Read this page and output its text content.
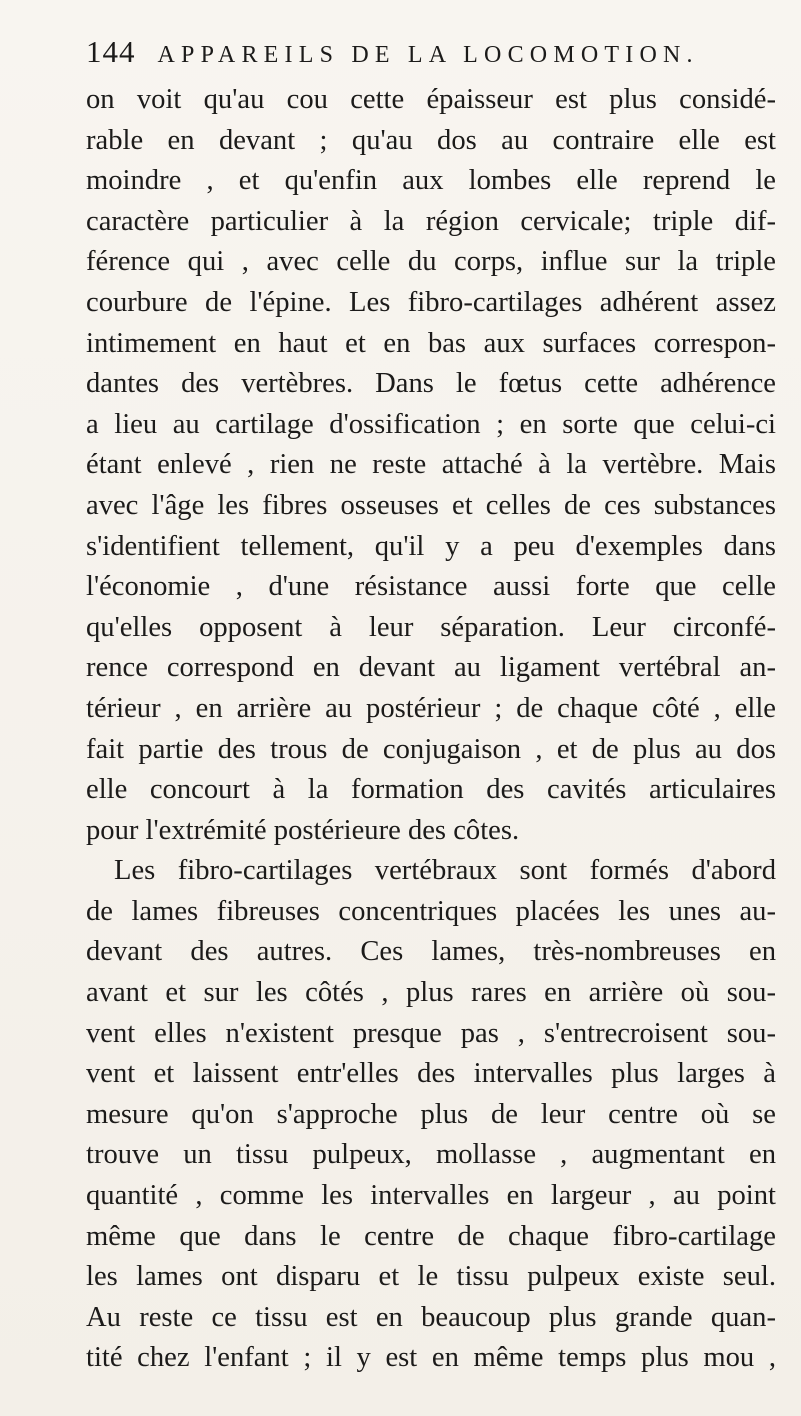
144 APPAREILS DE LA LOCOMOTION.
on voit qu'au cou cette épaisseur est plus considé-
rable en devant ; qu'au dos au contraire elle est
moindre , et qu'enfin aux lombes elle reprend le
caractère particulier à la région cervicale; triple dif-
férence qui , avec celle du corps, influe sur la triple
courbure de l'épine. Les fibro-cartilages adhérent assez
intimement en haut et en bas aux surfaces correspon-
dantes des vertèbres. Dans le fœtus cette adhérence
a lieu au cartilage d'ossification ; en sorte que celui-ci
étant enlevé , rien ne reste attaché à la vertèbre. Mais
avec l'âge les fibres osseuses et celles de ces substances
s'identifient tellement, qu'il y a peu d'exemples dans
l'économie , d'une résistance aussi forte que celle
qu'elles opposent à leur séparation. Leur circonfé-
rence correspond en devant au ligament vertébral an-
térieur , en arrière au postérieur ; de chaque côté , elle
fait partie des trous de conjugaison , et de plus au dos
elle concourt à la formation des cavités articulaires
pour l'extrémité postérieure des côtes.
Les fibro-cartilages vertébraux sont formés d'abord
de lames fibreuses concentriques placées les unes au-
devant des autres. Ces lames, très-nombreuses en
avant et sur les côtés , plus rares en arrière où sou-
vent elles n'existent presque pas , s'entrecroisent sou-
vent et laissent entr'elles des intervalles plus larges à
mesure qu'on s'approche plus de leur centre où se
trouve un tissu pulpeux, mollasse , augmentant en
quantité , comme les intervalles en largeur , au point
même que dans le centre de chaque fibro-cartilage
les lames ont disparu et le tissu pulpeux existe seul.
Au reste ce tissu est en beaucoup plus grande quan-
tité chez l'enfant ; il y est en même temps plus mou ,
